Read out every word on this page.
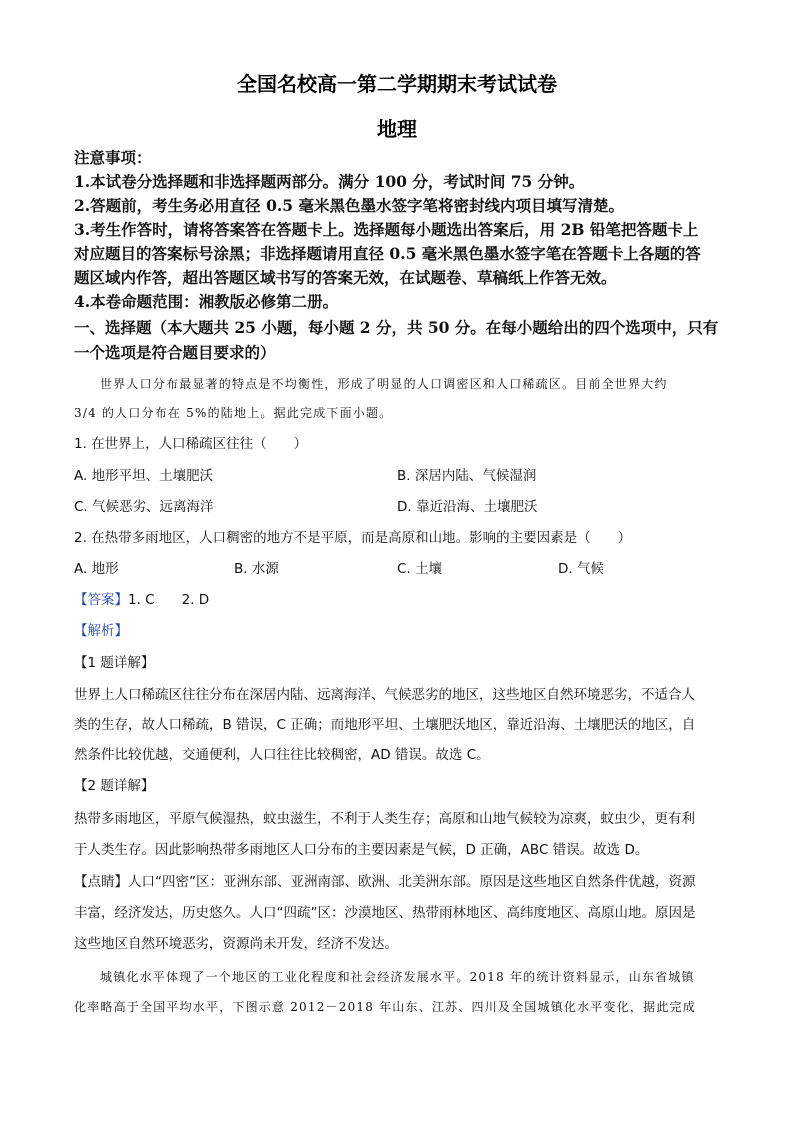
全国名校高一第二学期期末考试试卷
地理
注意事项：
1.本试卷分选择题和非选择题两部分。满分 100 分，考试时间 75 分钟。
2.答题前，考生务必用直径 0.5 毫米黑色墨水签字笔将密封线内项目填写清楚。
3.考生作答时，请将答案答在答题卡上。选择题每小题选出答案后，用 2B 铅笔把答题卡上
对应题目的答案标号涂黑；非选择题请用直径 0.5 毫米黑色墨水签字笔在答题卡上各题的答
题区域内作答，超出答题区域书写的答案无效，在试题卷、草稿纸上作答无效。
4.本卷命题范围：湘教版必修第二册。
一、选择题（本大题共 25 小题，每小题 2 分，共 50 分。在每小题给出的四个选项中，只有
一个选项是符合题目要求的）
世界人口分布最显著的特点是不均衡性，形成了明显的人口调密区和人口稀疏区。目前全世界大约
3/4 的人口分布在 5%的陆地上。据此完成下面小题。
1. 在世界上，人口稀疏区往往（　　）
A. 地形平坦、土壤肥沃	B. 深居内陆、气候湿润
C. 气候恶劣、远离海洋	D. 靠近沿海、土壤肥沃
2. 在热带多雨地区，人口稠密的地方不是平原，而是高原和山地。影响的主要因素是（　　）
A. 地形	B. 水源	C. 土壤	D. 气候
【答案】1. C　　2. D
【解析】
【1 题详解】
世界上人口稀疏区往往分布在深居内陆、远离海洋、气候恶劣的地区，这些地区自然环境恶劣，不适合人
类的生存，故人口稀疏，B 错误，C 正确；而地形平坦、土壤肥沃地区，靠近沿海、土壤肥沃的地区，自
然条件比较优越，交通便利，人口往往比较稠密，AD 错误。故选 C。
【2 题详解】
热带多雨地区，平原气候湿热，蚊虫滋生，不利于人类生存；高原和山地气候较为凉爽，蚊虫少，更有利
于人类生存。因此影响热带多雨地区人口分布的主要因素是气候，D 正确，ABC 错误。故选 D。
【点睛】人口“四密”区：亚洲东部、亚洲南部、欧洲、北美洲东部。原因是这些地区自然条件优越，资源
丰富，经济发达，历史悠久。人口“四疏”区：沙漠地区、热带雨林地区、高纬度地区、高原山地。原因是
这些地区自然环境恶劣，资源尚未开发，经济不发达。
城镇化水平体现了一个地区的工业化程度和社会经济发展水平。2018 年的统计资料显示，山东省城镇
化率略高于全国平均水平，下图示意 2012－2018 年山东、江苏、四川及全国城镇化水平变化，据此完成
